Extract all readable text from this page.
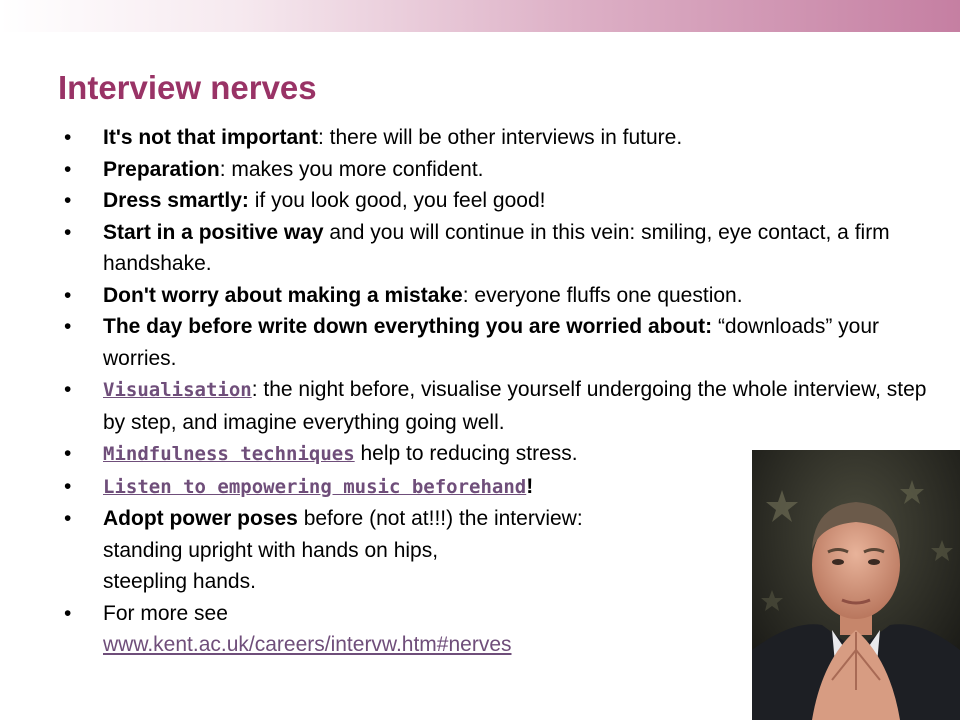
Interview nerves
• It's not that important: there will be other interviews in future.
• Preparation: makes you more confident.
• Dress smartly: if you look good, you feel good!
• Start in a positive way and you will continue in this vein: smiling, eye contact, a firm handshake.
• Don't worry about making a mistake: everyone fluffs one question.
• The day before write down everything you are worried about: “downloads” your worries.
• Visualisation: the night before, visualise yourself undergoing the whole interview, step by step, and imagine everything going well.
• Mindfulness techniques help to reducing stress.
• Listen to empowering music beforehand!
• Adopt power poses before (not at!!!) the interview:
standing upright with hands on hips,
steepling hands.
• For more see
www.kent.ac.uk/careers/intervw.htm#nerves
